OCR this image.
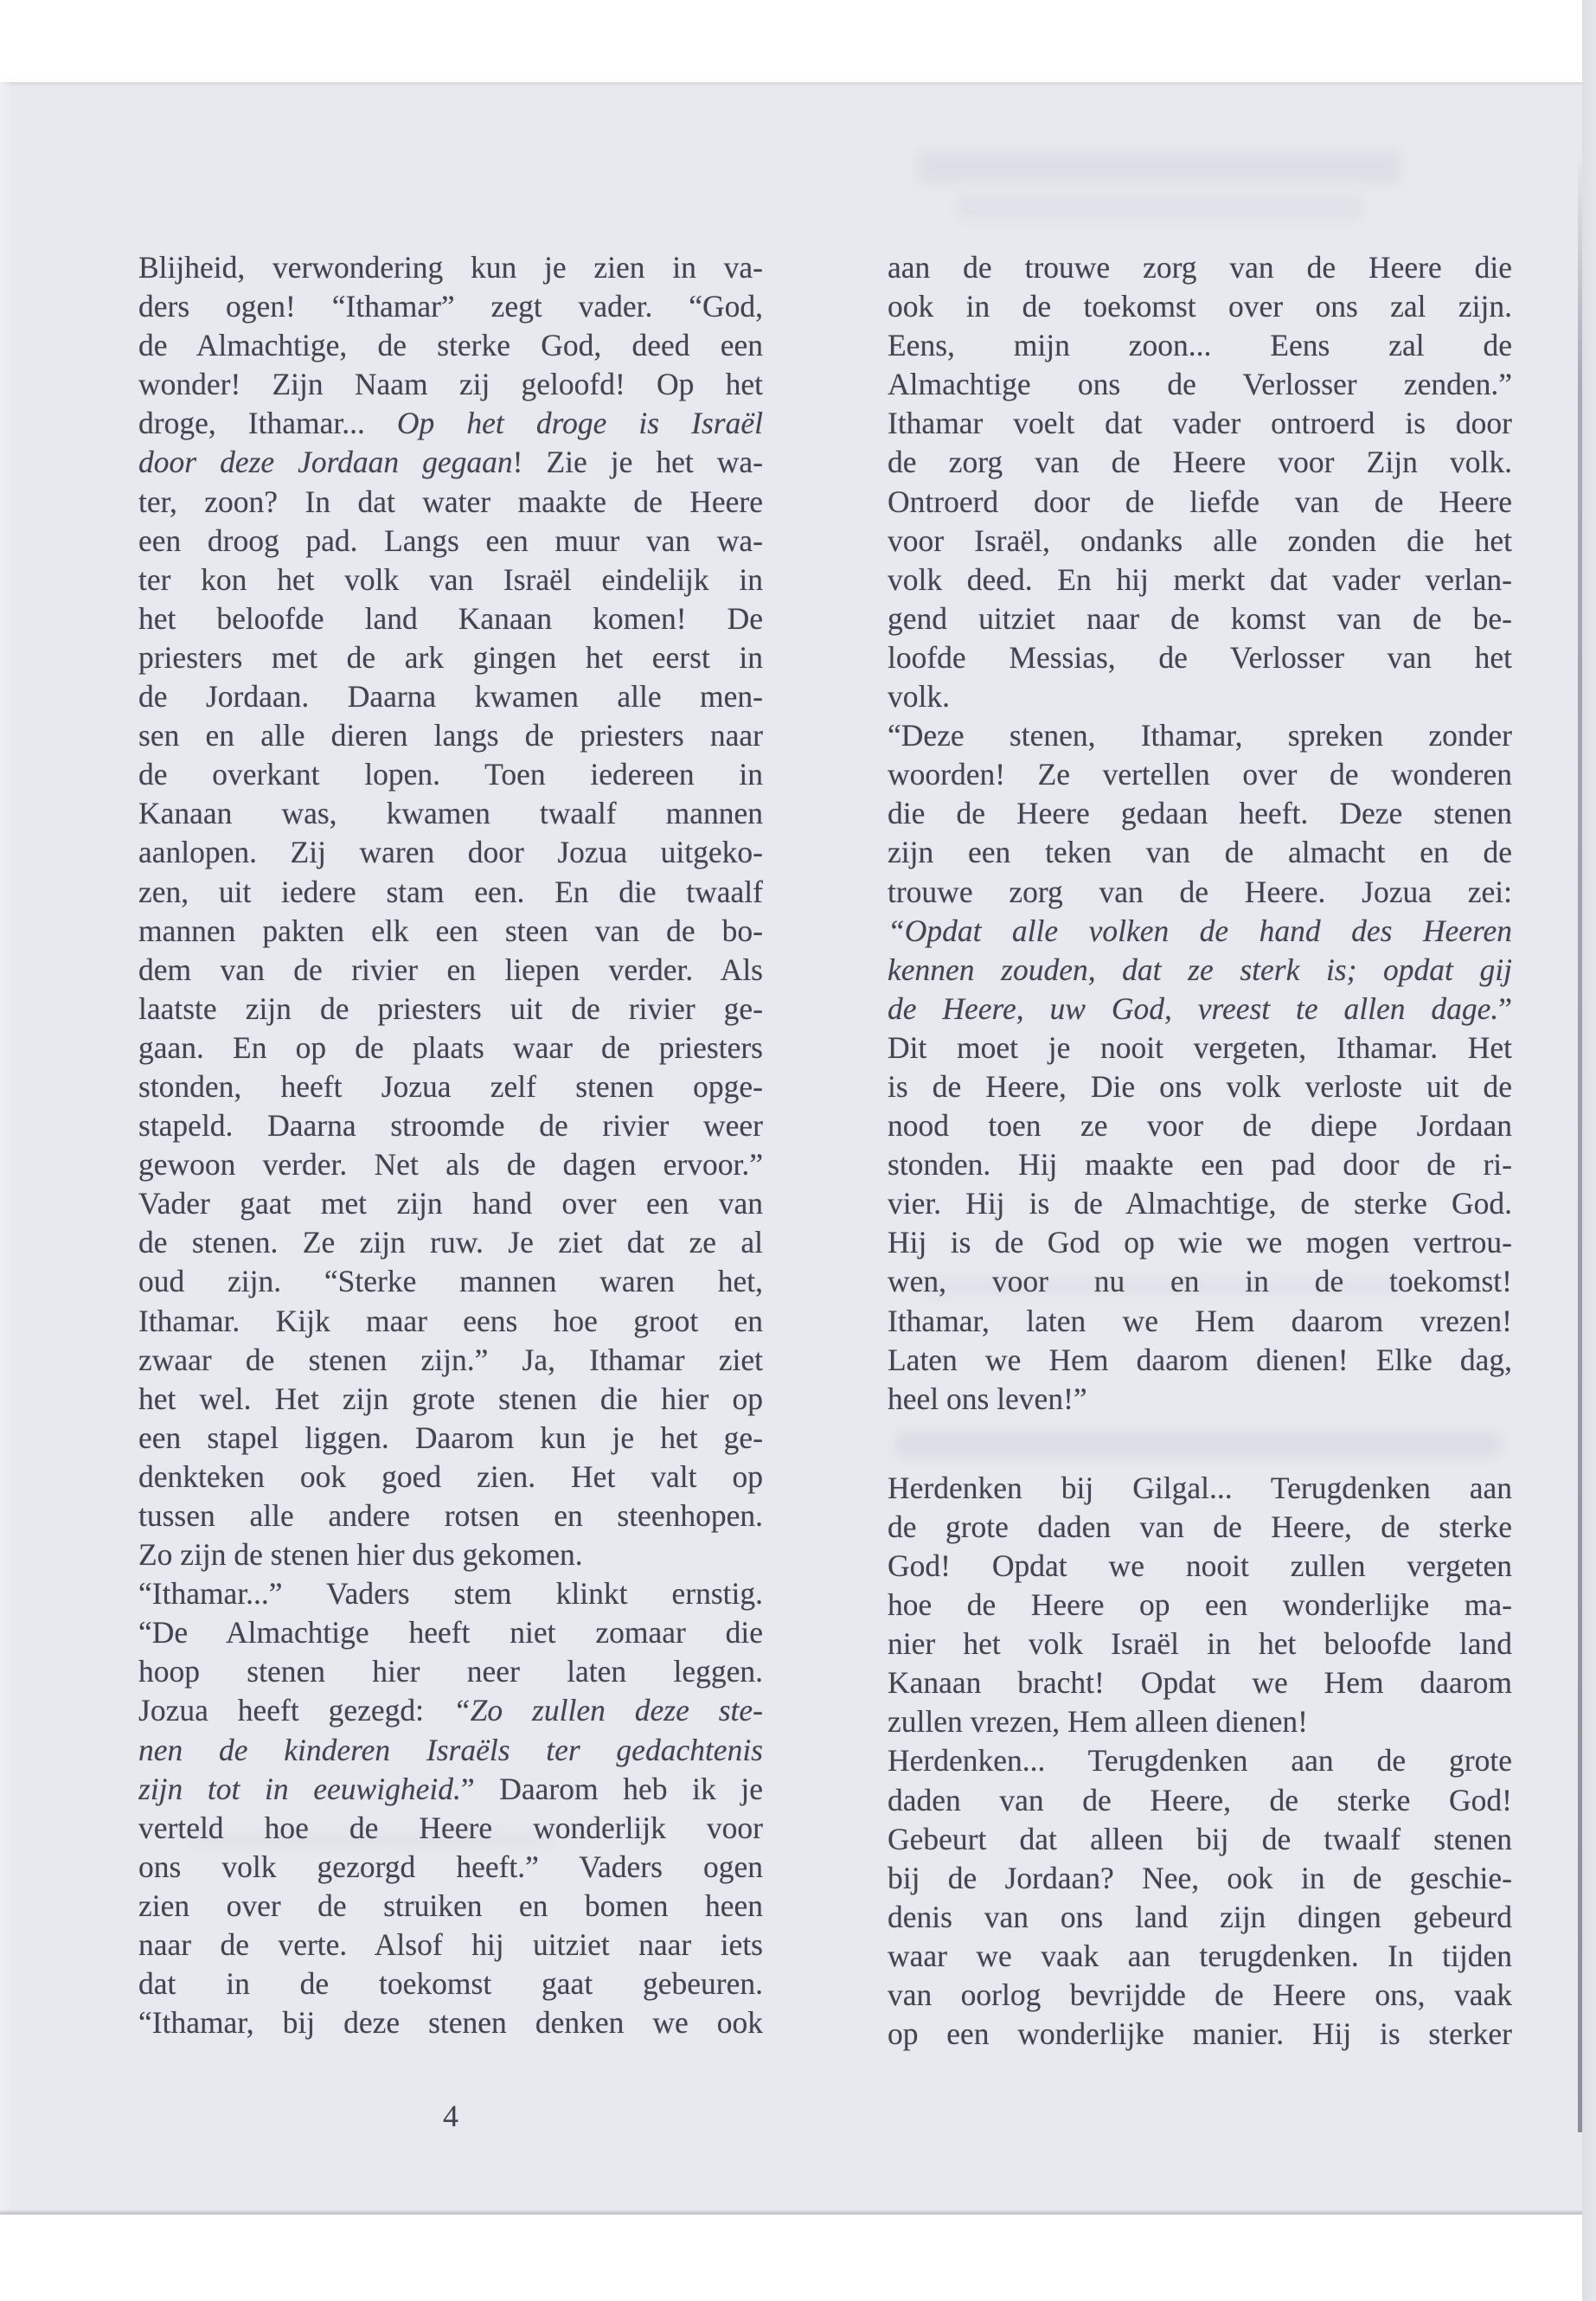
Blijheid, verwondering kun je zien in va-
ders ogen! “Ithamar” zegt vader. “God,
de Almachtige, de sterke God, deed een
wonder! Zijn Naam zij geloofd! Op het
droge, Ithamar... Op het droge is Israël
door deze Jordaan gegaan! Zie je het wa-
ter, zoon? In dat water maakte de Heere
een droog pad. Langs een muur van wa-
ter kon het volk van Israël eindelijk in
het beloofde land Kanaan komen! De
priesters met de ark gingen het eerst in
de Jordaan. Daarna kwamen alle men-
sen en alle dieren langs de priesters naar
de overkant lopen. Toen iedereen in
Kanaan was, kwamen twaalf mannen
aanlopen. Zij waren door Jozua uitgeko-
zen, uit iedere stam een. En die twaalf
mannen pakten elk een steen van de bo-
dem van de rivier en liepen verder. Als
laatste zijn de priesters uit de rivier ge-
gaan. En op de plaats waar de priesters
stonden, heeft Jozua zelf stenen opge-
stapeld. Daarna stroomde de rivier weer
gewoon verder. Net als de dagen ervoor.”
Vader gaat met zijn hand over een van
de stenen. Ze zijn ruw. Je ziet dat ze al
oud zijn. “Sterke mannen waren het,
Ithamar. Kijk maar eens hoe groot en
zwaar de stenen zijn.” Ja, Ithamar ziet
het wel. Het zijn grote stenen die hier op
een stapel liggen. Daarom kun je het ge-
denkteken ook goed zien. Het valt op
tussen alle andere rotsen en steenhopen.
Zo zijn de stenen hier dus gekomen.
“Ithamar...” Vaders stem klinkt ernstig.
“De Almachtige heeft niet zomaar die
hoop stenen hier neer laten leggen.
Jozua heeft gezegd: “Zo zullen deze ste-
nen de kinderen Israëls ter gedachtenis
zijn tot in eeuwigheid.” Daarom heb ik je
verteld hoe de Heere wonderlijk voor
ons volk gezorgd heeft.” Vaders ogen
zien over de struiken en bomen heen
naar de verte. Alsof hij uitziet naar iets
dat in de toekomst gaat gebeuren.
“Ithamar, bij deze stenen denken we ook
aan de trouwe zorg van de Heere die
ook in de toekomst over ons zal zijn.
Eens, mijn zoon... Eens zal de
Almachtige ons de Verlosser zenden.”
Ithamar voelt dat vader ontroerd is door
de zorg van de Heere voor Zijn volk.
Ontroerd door de liefde van de Heere
voor Israël, ondanks alle zonden die het
volk deed. En hij merkt dat vader verlan-
gend uitziet naar de komst van de be-
loofde Messias, de Verlosser van het
volk.
“Deze stenen, Ithamar, spreken zonder
woorden! Ze vertellen over de wonderen
die de Heere gedaan heeft. Deze stenen
zijn een teken van de almacht en de
trouwe zorg van de Heere. Jozua zei:
“Opdat alle volken de hand des Heeren
kennen zouden, dat ze sterk is; opdat gij
de Heere, uw God, vreest te allen dage.”
Dit moet je nooit vergeten, Ithamar. Het
is de Heere, Die ons volk verloste uit de
nood toen ze voor de diepe Jordaan
stonden. Hij maakte een pad door de ri-
vier. Hij is de Almachtige, de sterke God.
Hij is de God op wie we mogen vertrou-
wen, voor nu en in de toekomst!
Ithamar, laten we Hem daarom vrezen!
Laten we Hem daarom dienen! Elke dag,
heel ons leven!”
Herdenken bij Gilgal... Terugdenken aan
de grote daden van de Heere, de sterke
God! Opdat we nooit zullen vergeten
hoe de Heere op een wonderlijke ma-
nier het volk Israël in het beloofde land
Kanaan bracht! Opdat we Hem daarom
zullen vrezen, Hem alleen dienen!
Herdenken... Terugdenken aan de grote
daden van de Heere, de sterke God!
Gebeurt dat alleen bij de twaalf stenen
bij de Jordaan? Nee, ook in de geschie-
denis van ons land zijn dingen gebeurd
waar we vaak aan terugdenken. In tijden
van oorlog bevrijdde de Heere ons, vaak
op een wonderlijke manier. Hij is sterker
4
